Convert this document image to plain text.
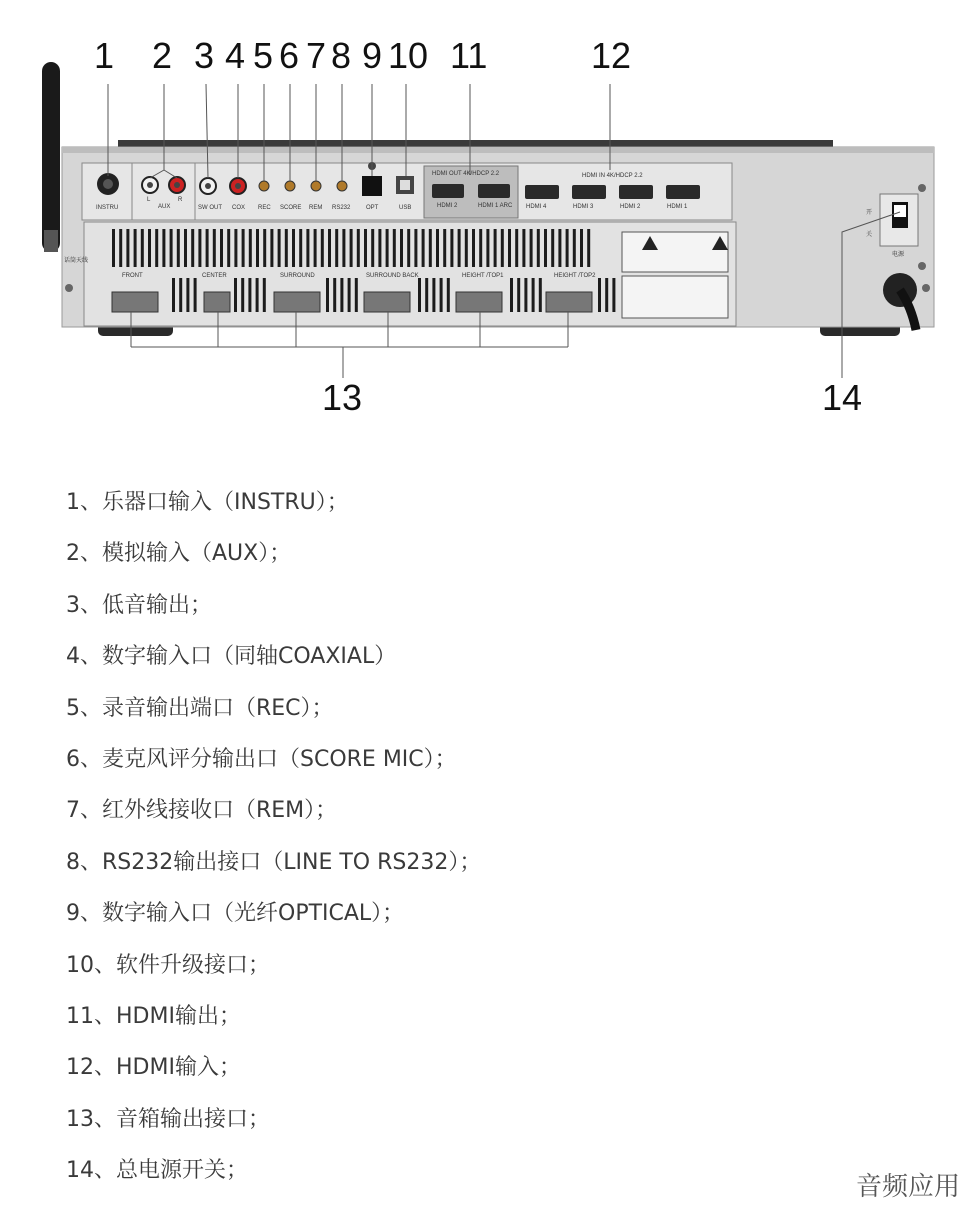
1 2 3 4 5 6 7 8 9 10 11	12
13	14
INSTRU	AUX
L	R
SW OUT COX REC SCORE REM RS232	OPT	USB
HDMI OUT 4K/HDCP 2.2
HDMI 2	HDMI 1 ARC
HDMI IN 4K/HDCP 2.2
HDMI 4	HDMI 3	HDMI 2	HDMI 1
话筒天线
FRONT	CENTER	SURROUND	SURROUND BACK	HEIGHT /TOP1	HEIGHT /TOP2
开
关
电源
1、乐器口输入（INSTRU）；
2、模拟输入（AUX）；
3、低音输出；
4、数字输入口（同轴COAXIAL）
5、录音输出端口（REC）；
6、麦克风评分输出口（SCORE MIC）；
7、红外线接收口（REM）；
8、RS232输出接口（LINE TO RS232）；
9、数字输入口（光纤OPTICAL）；
10、软件升级接口；
11、HDMI输出；
12、HDMI输入；
13、音箱输出接口；
14、总电源开关；
音频应用
